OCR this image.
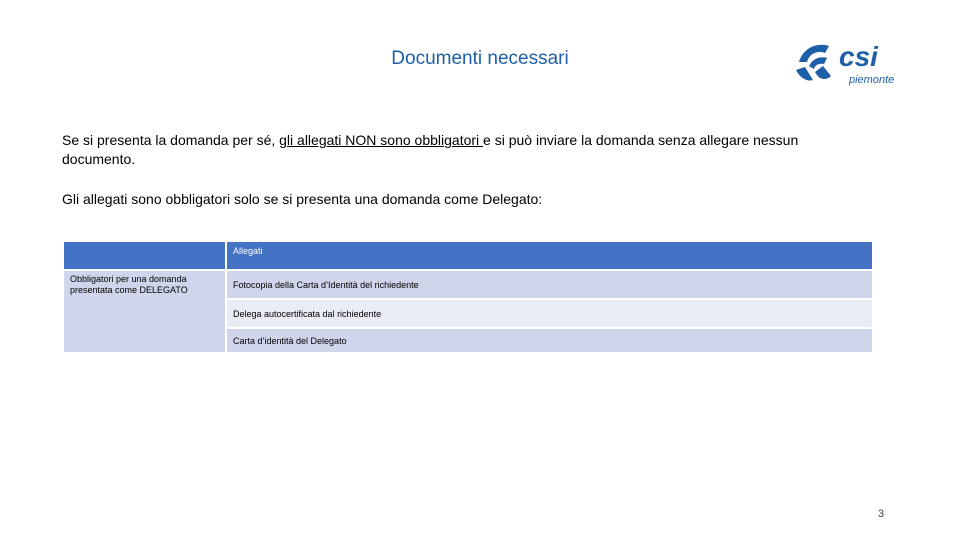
Documenti necessari	csi
piemonte
Se si presenta la domanda per sé, gli allegati NON sono obbligatori e si può inviare la domanda senza allegare nessun documento.
Gli allegati sono obbligatori solo se si presenta una domanda come Delegato:
	Allegati
Obbligatori per una domanda presentata come DELEGATO	Fotocopia della Carta d’Identità del richiedente
	Delega autocertificata dal richiedente
	Carta d’identità del Delegato
3
